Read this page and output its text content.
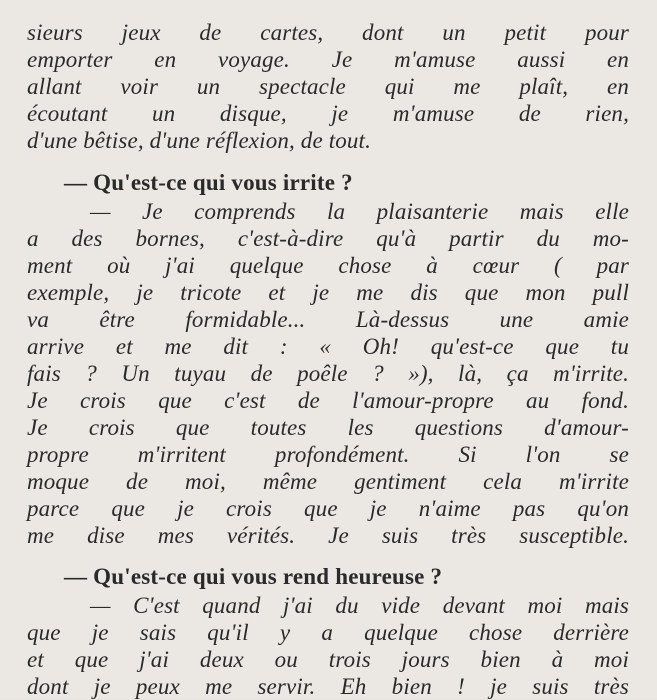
sieurs jeux de cartes, dont un petit pour

emporter en voyage. Je m'amuse aussi en

allant voir un spectacle qui me plaît, en

écoutant un disque, je m'amuse de rien,

d'une bêtise, d'une réflexion, de tout.

— Qu'est-ce qui vous irrite ?

— Je comprends la plaisanterie mais elle

a des bornes, c'est-à-dire qu'à partir du mo-

ment où j'ai quelque chose à cœur ( par

exemple, je tricote et je me dis que mon pull

va être formidable... Là-dessus une amie

arrive et me dit : « Oh! qu'est-ce que tu

fais ? Un tuyau de poêle ? »), là, ça m'irrite.

Je crois que c'est de l'amour-propre au fond.

Je crois que toutes les questions d'amour-

propre m'irritent profondément. Si l'on se

moque de moi, même gentiment cela m'irrite

parce que je crois que je n'aime pas qu'on

me dise mes vérités. Je suis très susceptible.

— Qu'est-ce qui vous rend heureuse ?

— C'est quand j'ai du vide devant moi mais

que je sais qu'il y a quelque chose derrière

et que j'ai deux ou trois jours bien à moi

dont je peux me servir. Eh bien ! je suis très
